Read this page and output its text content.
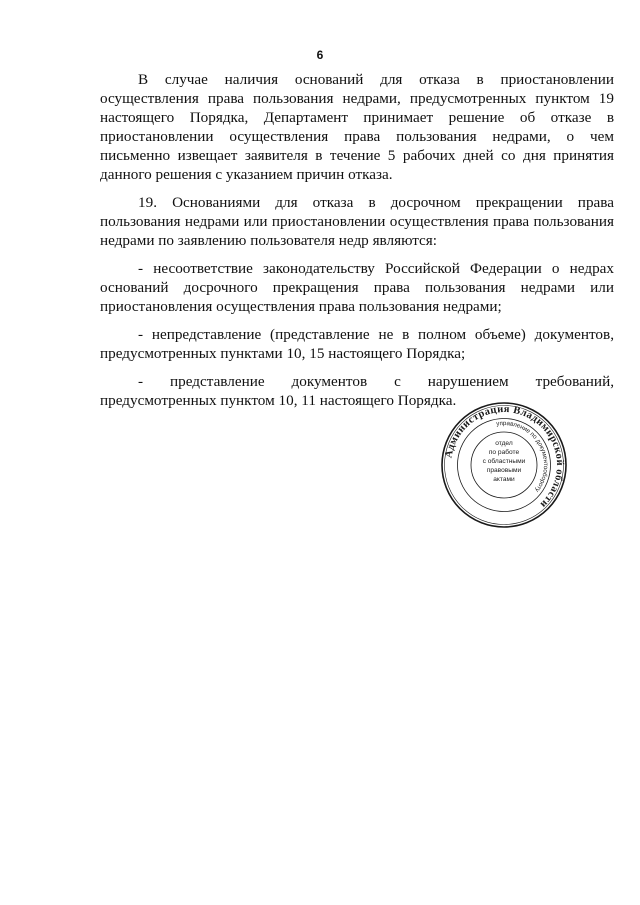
6

В случае наличия оснований для отказа в приостановлении осуществления права пользования недрами, предусмотренных пунктом 19 настоящего Порядка, Департамент принимает решение об отказе в приостановлении осуществления права пользования недрами, о чем письменно извещает заявителя в течение 5 рабочих дней со дня принятия данного решения с указанием причин отказа.

19. Основаниями для отказа в досрочном прекращении права пользования недрами или приостановлении осуществления права пользования недрами по заявлению пользователя недр являются:

- несоответствие законодательству Российской Федерации о недрах оснований досрочного прекращения права пользования недрами или приостановления осуществления права пользования недрами;

- непредставление (представление не в полном объеме) документов, предусмотренных пунктами 10, 15 настоящего Порядка;

- представление документов с нарушением требований, предусмотренных пунктом 10, 11 настоящего Порядка.

Администрация Владимирской области
управление по документообороту
отдел
по работе
с областными
правовыми
актами
